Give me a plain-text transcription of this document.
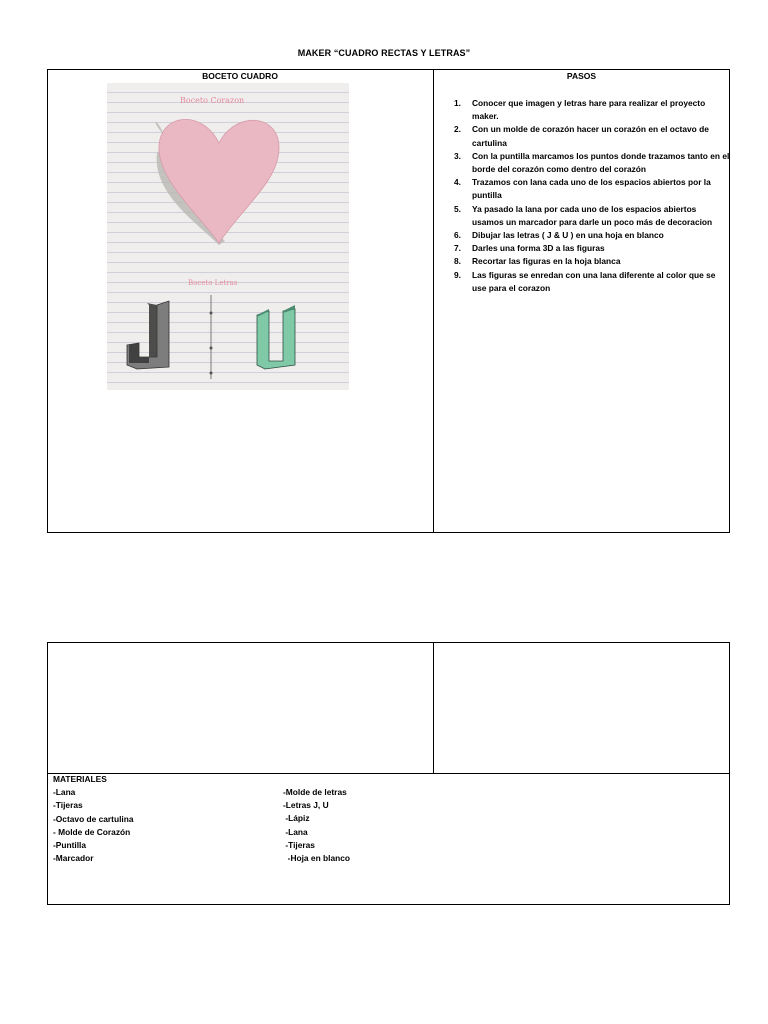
MAKER “CUADRO RECTAS Y LETRAS”
BOCETO CUADRO	PASOS
Boceto Corazon
Boceto Letras
1. Conocer que imagen y letras hare para realizar el proyecto maker.
2. Con un molde de corazón hacer un corazón en el octavo de cartulina
3. Con la puntilla marcamos los puntos donde trazamos tanto en el borde del corazón como dentro del corazón
4. Trazamos con lana cada uno de los espacios abiertos por la puntilla
5. Ya pasado la lana por cada uno de los espacios abiertos usamos un marcador para darle un poco más de decoracion
6. Dibujar las letras ( J & U ) en una hoja en blanco
7. Darles una forma 3D a las figuras
8. Recortar las figuras en la hoja blanca
9. Las figuras se enredan con una lana diferente al color que se use para el corazon
MATERIALES
-Lana
-Tijeras
-Octavo de cartulina
- Molde de Corazón
-Puntilla
-Marcador
-Molde de letras
-Letras J, U
-Lápiz
-Lana
-Tijeras
-Hoja en blanco
